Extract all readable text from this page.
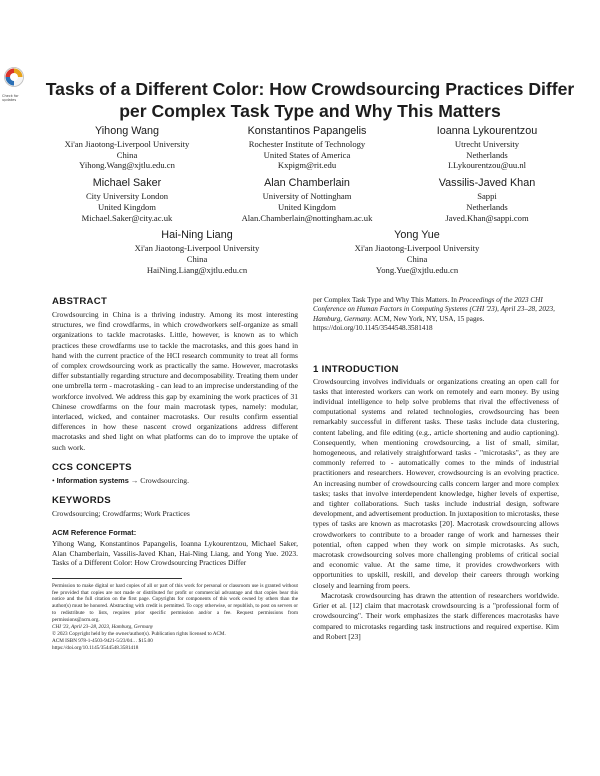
Check for updates
Tasks of a Different Color: How Crowdsourcing Practices Differ per Complex Task Type and Why This Matters
Yihong Wang
Xi'an Jiaotong-Liverpool University
China
Yihong.Wang@xjtlu.edu.cn
Konstantinos Papangelis
Rochester Institute of Technology
United States of America
Kxpigm@rit.edu
Ioanna Lykourentzou
Utrecht University
Netherlands
I.Lykourentzou@uu.nl
Michael Saker
City University London
United Kingdom
Michael.Saker@city.ac.uk
Alan Chamberlain
University of Nottingham
United Kingdom
Alan.Chamberlain@nottingham.ac.uk
Vassilis-Javed Khan
Sappi
Netherlands
Javed.Khan@sappi.com
Hai-Ning Liang
Xi'an Jiaotong-Liverpool University
China
HaiNing.Liang@xjtlu.edu.cn
Yong Yue
Xi'an Jiaotong-Liverpool University
China
Yong.Yue@xjtlu.edu.cn
ABSTRACT

Crowdsourcing in China is a thriving industry. Among its most interesting structures, we find crowdfarms, in which crowdworkers self-organize as small organizations to tackle macrotasks. Little, however, is known as to which practices these crowdfarms use to tackle the macrotasks, and this goes hand in hand with the current practice of the HCI research community to treat all forms of complex crowdsourcing work as practically the same. However, macrotasks differ substantially regarding structure and decomposability. Treating them under one umbrella term - macrotasking - can lead to an imprecise understanding of the workforce involved. We address this gap by examining the work practices of 31 Chinese crowdfarms on the four main macrotask types, namely: modular, interlaced, wicked, and container macrotasks. Our results confirm essential differences in how these nascent crowd organizations address different macrotasks and shed light on what platforms can do to improve the uptake of such work.

CCS CONCEPTS
• Information systems → Crowdsourcing.
KEYWORDS

Crowdsourcing; Crowdfarms; Work Practices

ACM Reference Format:

Yihong Wang, Konstantinos Papangelis, Ioanna Lykourentzou, Michael Saker, Alan Chamberlain, Vassilis-Javed Khan, Hai-Ning Liang, and Yong Yue. 2023. Tasks of a Different Color: How Crowdsourcing Practices Differ

Permission to make digital or hard copies of all or part of this work for personal or classroom use is granted without fee provided that copies are not made or distributed for profit or commercial advantage and that copies bear this notice and the full citation on the first page. Copyrights for components of this work owned by others than the author(s) must be honored. Abstracting with credit is permitted. To copy otherwise, or republish, to post on servers or to redistribute to lists, requires prior specific permission and/or a fee. Request permissions from permissions@acm.org.
CHI '23, April 23–28, 2023, Hamburg, Germany
© 2023 Copyright held by the owner/author(s). Publication rights licensed to ACM.
ACM ISBN 978-1-4503-9421-5/23/04… $15.00
https://doi.org/10.1145/3544548.3581418

per Complex Task Type and Why This Matters. In Proceedings of the 2023 CHI Conference on Human Factors in Computing Systems (CHI '23), April 23–28, 2023, Hamburg, Germany. ACM, New York, NY, USA, 15 pages. https://doi.org/10.1145/3544548.3581418

1 INTRODUCTION

Crowdsourcing involves individuals or organizations creating an open call for tasks that interested workers can work on remotely and earn money. By using individual intelligence to help solve problems that rival the effectiveness of computational systems and related technologies, crowdsourcing has been remarkably successful in different tasks. These tasks include data clustering, content labeling, and file editing (e.g., article shortening and audio captioning). Consequently, when mentioning crowdsourcing, a list of small, similar, homogeneous, and relatively straightforward tasks - "microtasks", as they are commonly referred to - automatically comes to the minds of industrial practitioners and researchers. However, crowdsourcing is an evolving practice. An increasing number of crowdsourcing calls concern larger and more complex tasks; tasks that involve interdependent knowledge, higher levels of expertise, and tighter collaborations. Such tasks include industrial design, software development, and advertisement production. In juxtaposition to microtasks, these types of tasks are known as macrotasks [20]. Macrotask crowdsourcing allows crowdworkers to contribute to a broader range of work and harnesses their potential, often capped when they work on simple microtasks. As such, macrotask crowdsourcing solves more challenging problems of critical social and economic value. At the same time, it provides crowdworkers with opportunities to upskill, reskill, and develop their careers through working closely and learning from peers.

Macrotask crowdsourcing has drawn the attention of researchers worldwide. Grier et al. [12] claim that macrotask crowdsourcing is a "professional form of crowdsourcing". Their work emphasizes the stark differences macrotasks have compared to microtasks regarding task instructions and required expertise. Kim and Robert [23]
